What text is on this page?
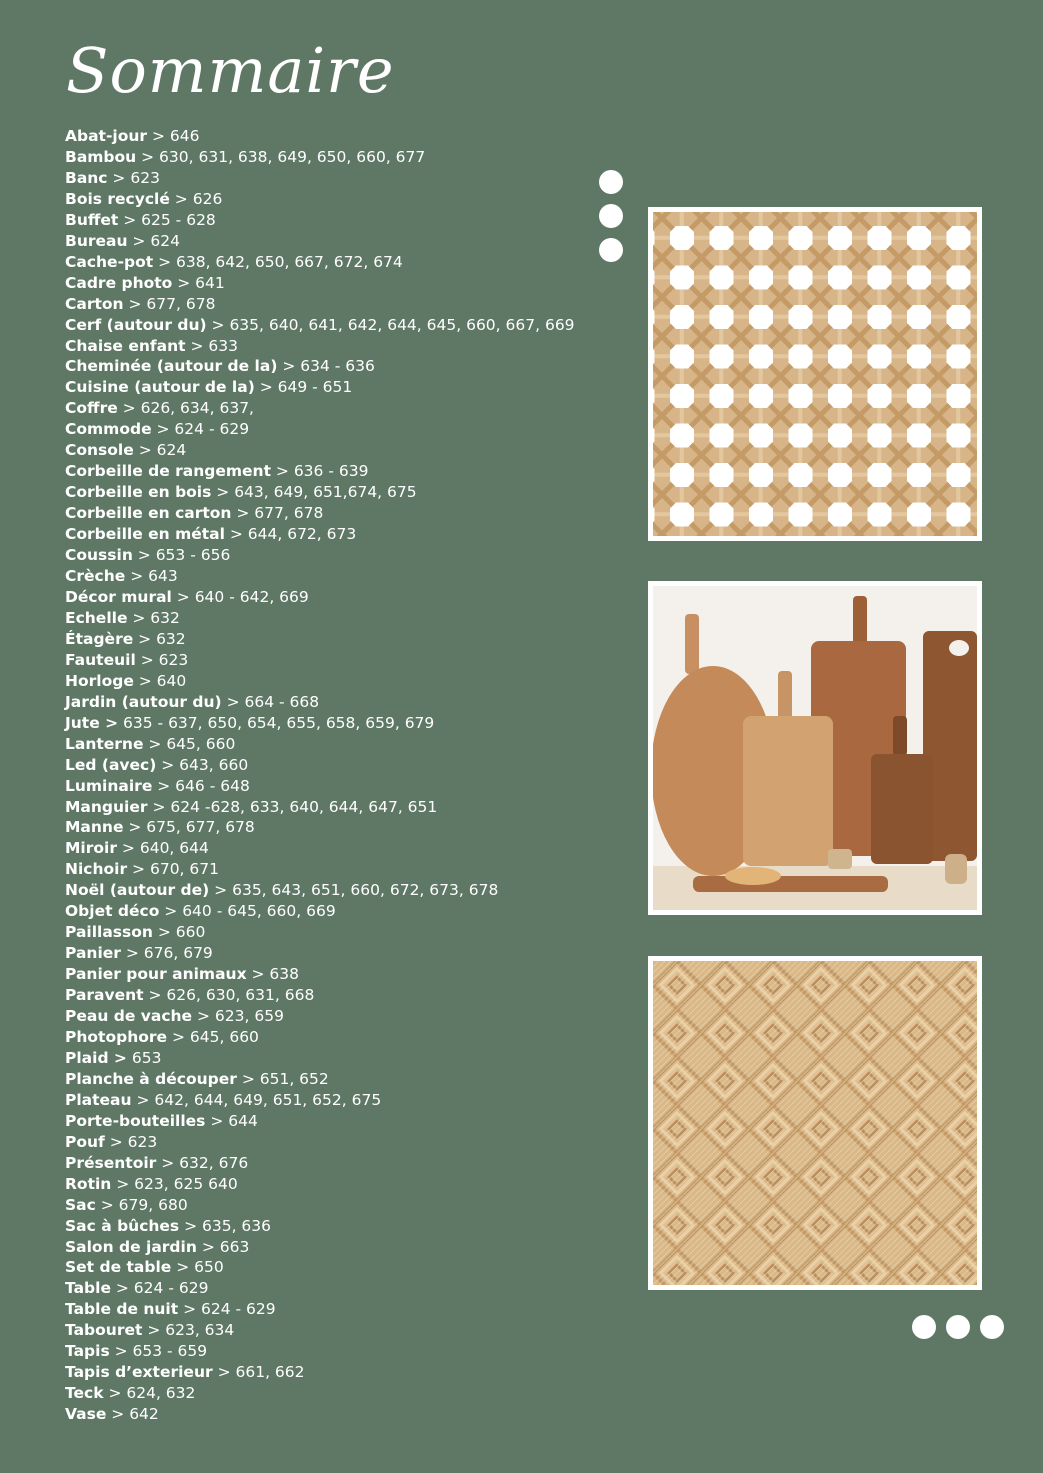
Sommaire
Abat-jour > 646
Bambou > 630, 631, 638, 649, 650, 660, 677
Banc > 623
Bois recyclé > 626
Buffet > 625 - 628
Bureau > 624
Cache-pot > 638, 642, 650, 667, 672, 674
Cadre photo > 641
Carton > 677, 678
Cerf (autour du) > 635, 640, 641, 642, 644, 645, 660, 667, 669
Chaise enfant > 633
Cheminée (autour de la) > 634 - 636
Cuisine (autour de la) > 649 - 651
Coffre > 626, 634, 637,
Commode > 624 - 629
Console > 624
Corbeille de rangement > 636 - 639
Corbeille en bois > 643, 649, 651,674, 675
Corbeille en carton > 677, 678
Corbeille en métal > 644, 672, 673
Coussin > 653 - 656
Crèche > 643
Décor mural > 640 - 642, 669
Echelle > 632
Étagère > 632
Fauteuil > 623
Horloge > 640
Jardin (autour du) > 664 - 668
Jute > 635 - 637, 650, 654, 655, 658, 659, 679
Lanterne > 645, 660
Led (avec) > 643, 660
Luminaire > 646 - 648
Manguier > 624 -628, 633, 640, 644, 647, 651
Manne > 675, 677, 678
Miroir > 640, 644
Nichoir > 670, 671
Noël (autour de) > 635, 643, 651, 660, 672, 673, 678
Objet déco > 640 - 645, 660, 669
Paillasson > 660
Panier > 676, 679
Panier pour animaux > 638
Paravent > 626, 630, 631, 668
Peau de vache > 623, 659
Photophore > 645, 660
Plaid > 653
Planche à découper > 651, 652
Plateau > 642, 644, 649, 651, 652, 675
Porte-bouteilles > 644
Pouf > 623
Présentoir > 632, 676
Rotin > 623, 625 640
Sac > 679, 680
Sac à bûches > 635, 636
Salon de jardin > 663
Set de table > 650
Table > 624 - 629
Table de nuit > 624 - 629
Tabouret > 623, 634
Tapis > 653 - 659
Tapis d’exterieur > 661, 662
Teck > 624, 632
Vase > 642
